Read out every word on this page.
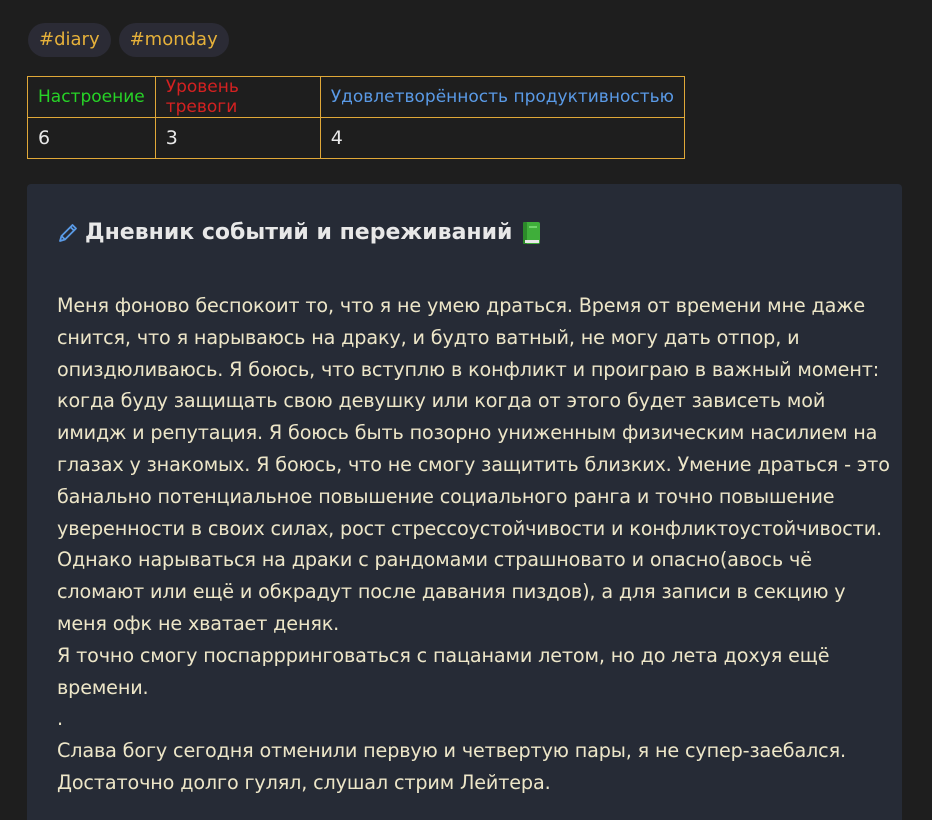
#diary	#monday
Настроение	Уровень тревоги	Удовлетворённость продуктивностью
6	3	4
Дневник событий и переживаний

Меня фоново беспокоит то, что я не умею драться. Время от времени мне даже снится, что я нарываюсь на драку, и будто ватный, не могу дать отпор, и опиздюливаюсь. Я боюсь, что вступлю в конфликт и проиграю в важный момент: когда буду защищать свою девушку или когда от этого будет зависеть мой имидж и репутация. Я боюсь быть позорно униженным физическим насилием на глазах у знакомых. Я боюсь, что не смогу защитить близких. Умение драться - это банально потенциальное повышение социального ранга и точно повышение уверенности в своих силах, рост стрессоустойчивости и конфликтоустойчивости. Однако нарываться на драки с рандомами страшновато и опасно(авось чё сломают или ещё и обкрадут после давания пиздов), а для записи в секцию у меня офк не хватает деняк.

Я точно смогу поспаррринговаться с пацанами летом, но до лета дохуя ещё времени.

.

Слава богу сегодня отменили первую и четвертую пары, я не супер-заебался. Достаточно долго гулял, слушал стрим Лейтера.
